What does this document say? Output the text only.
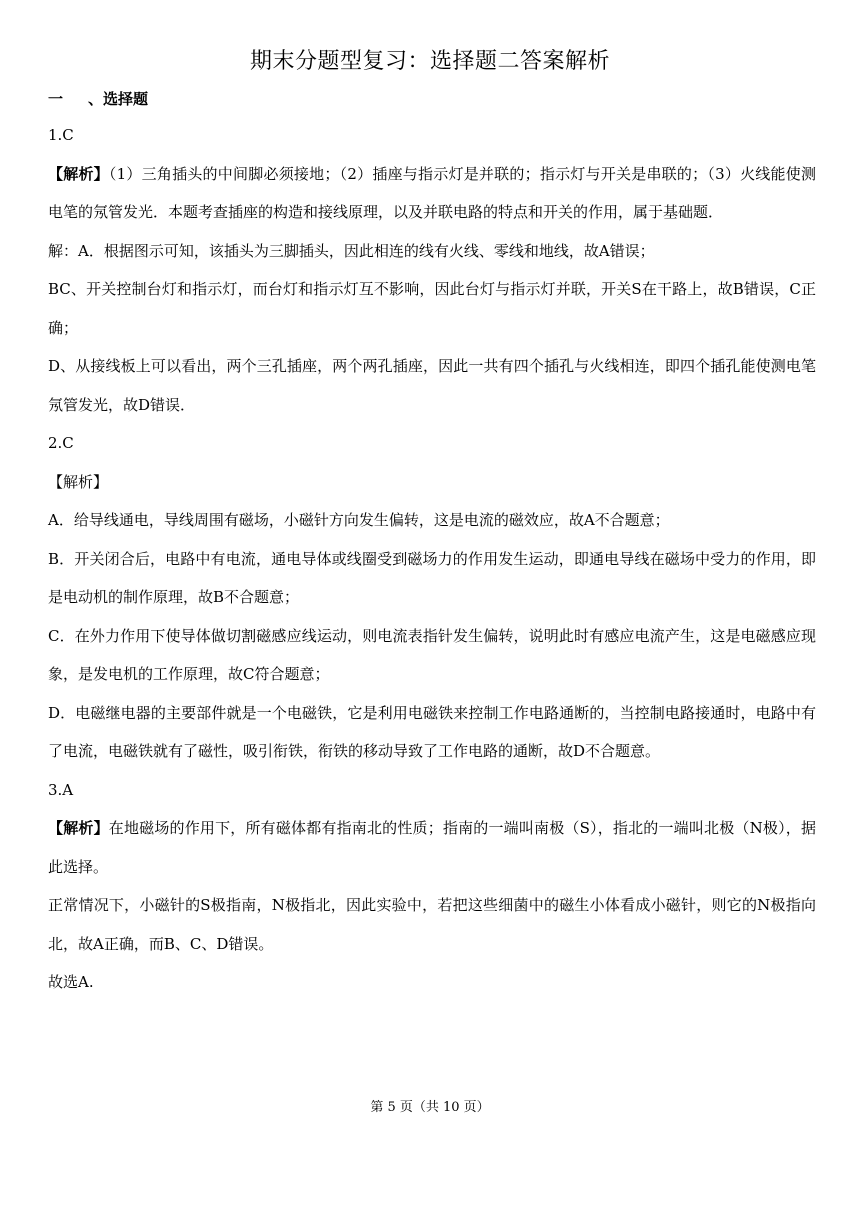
期末分题型复习：选择题二答案解析
一 、选择题

1.C

【解析】（1）三角插头的中间脚必须接地；（2）插座与指示灯是并联的；指示灯与开关是串联的；（3）火线能使测电笔的氖管发光．本题考查插座的构造和接线原理，以及并联电路的特点和开关的作用，属于基础题．

解：A．根据图示可知，该插头为三脚插头，因此相连的线有火线、零线和地线，故A错误；

BC、开关控制台灯和指示灯，而台灯和指示灯互不影响，因此台灯与指示灯并联，开关S在干路上，故B错误，C正确；

D、从接线板上可以看出，两个三孔插座，两个两孔插座，因此一共有四个插孔与火线相连，即四个插孔能使测电笔氖管发光，故D错误．

2.C

【解析】

A．给导线通电，导线周围有磁场，小磁针方向发生偏转，这是电流的磁效应，故A不合题意；

B．开关闭合后，电路中有电流，通电导体或线圈受到磁场力的作用发生运动，即通电导线在磁场中受力的作用，即是电动机的制作原理，故B不合题意；

C．在外力作用下使导体做切割磁感应线运动，则电流表指针发生偏转，说明此时有感应电流产生，这是电磁感应现象，是发电机的工作原理，故C符合题意；

D．电磁继电器的主要部件就是一个电磁铁，它是利用电磁铁来控制工作电路通断的，当控制电路接通时，电路中有了电流，电磁铁就有了磁性，吸引衔铁，衔铁的移动导致了工作电路的通断，故D不合题意。

3.A

【解析】在地磁场的作用下，所有磁体都有指南北的性质；指南的一端叫南极（S），指北的一端叫北极（N极），据此选择。

正常情况下，小磁针的S极指南，N极指北，因此实验中，若把这些细菌中的磁生小体看成小磁针，则它的N极指向北，故A正确，而B、C、D错误。

故选A.

第 5 页（共 10 页）
